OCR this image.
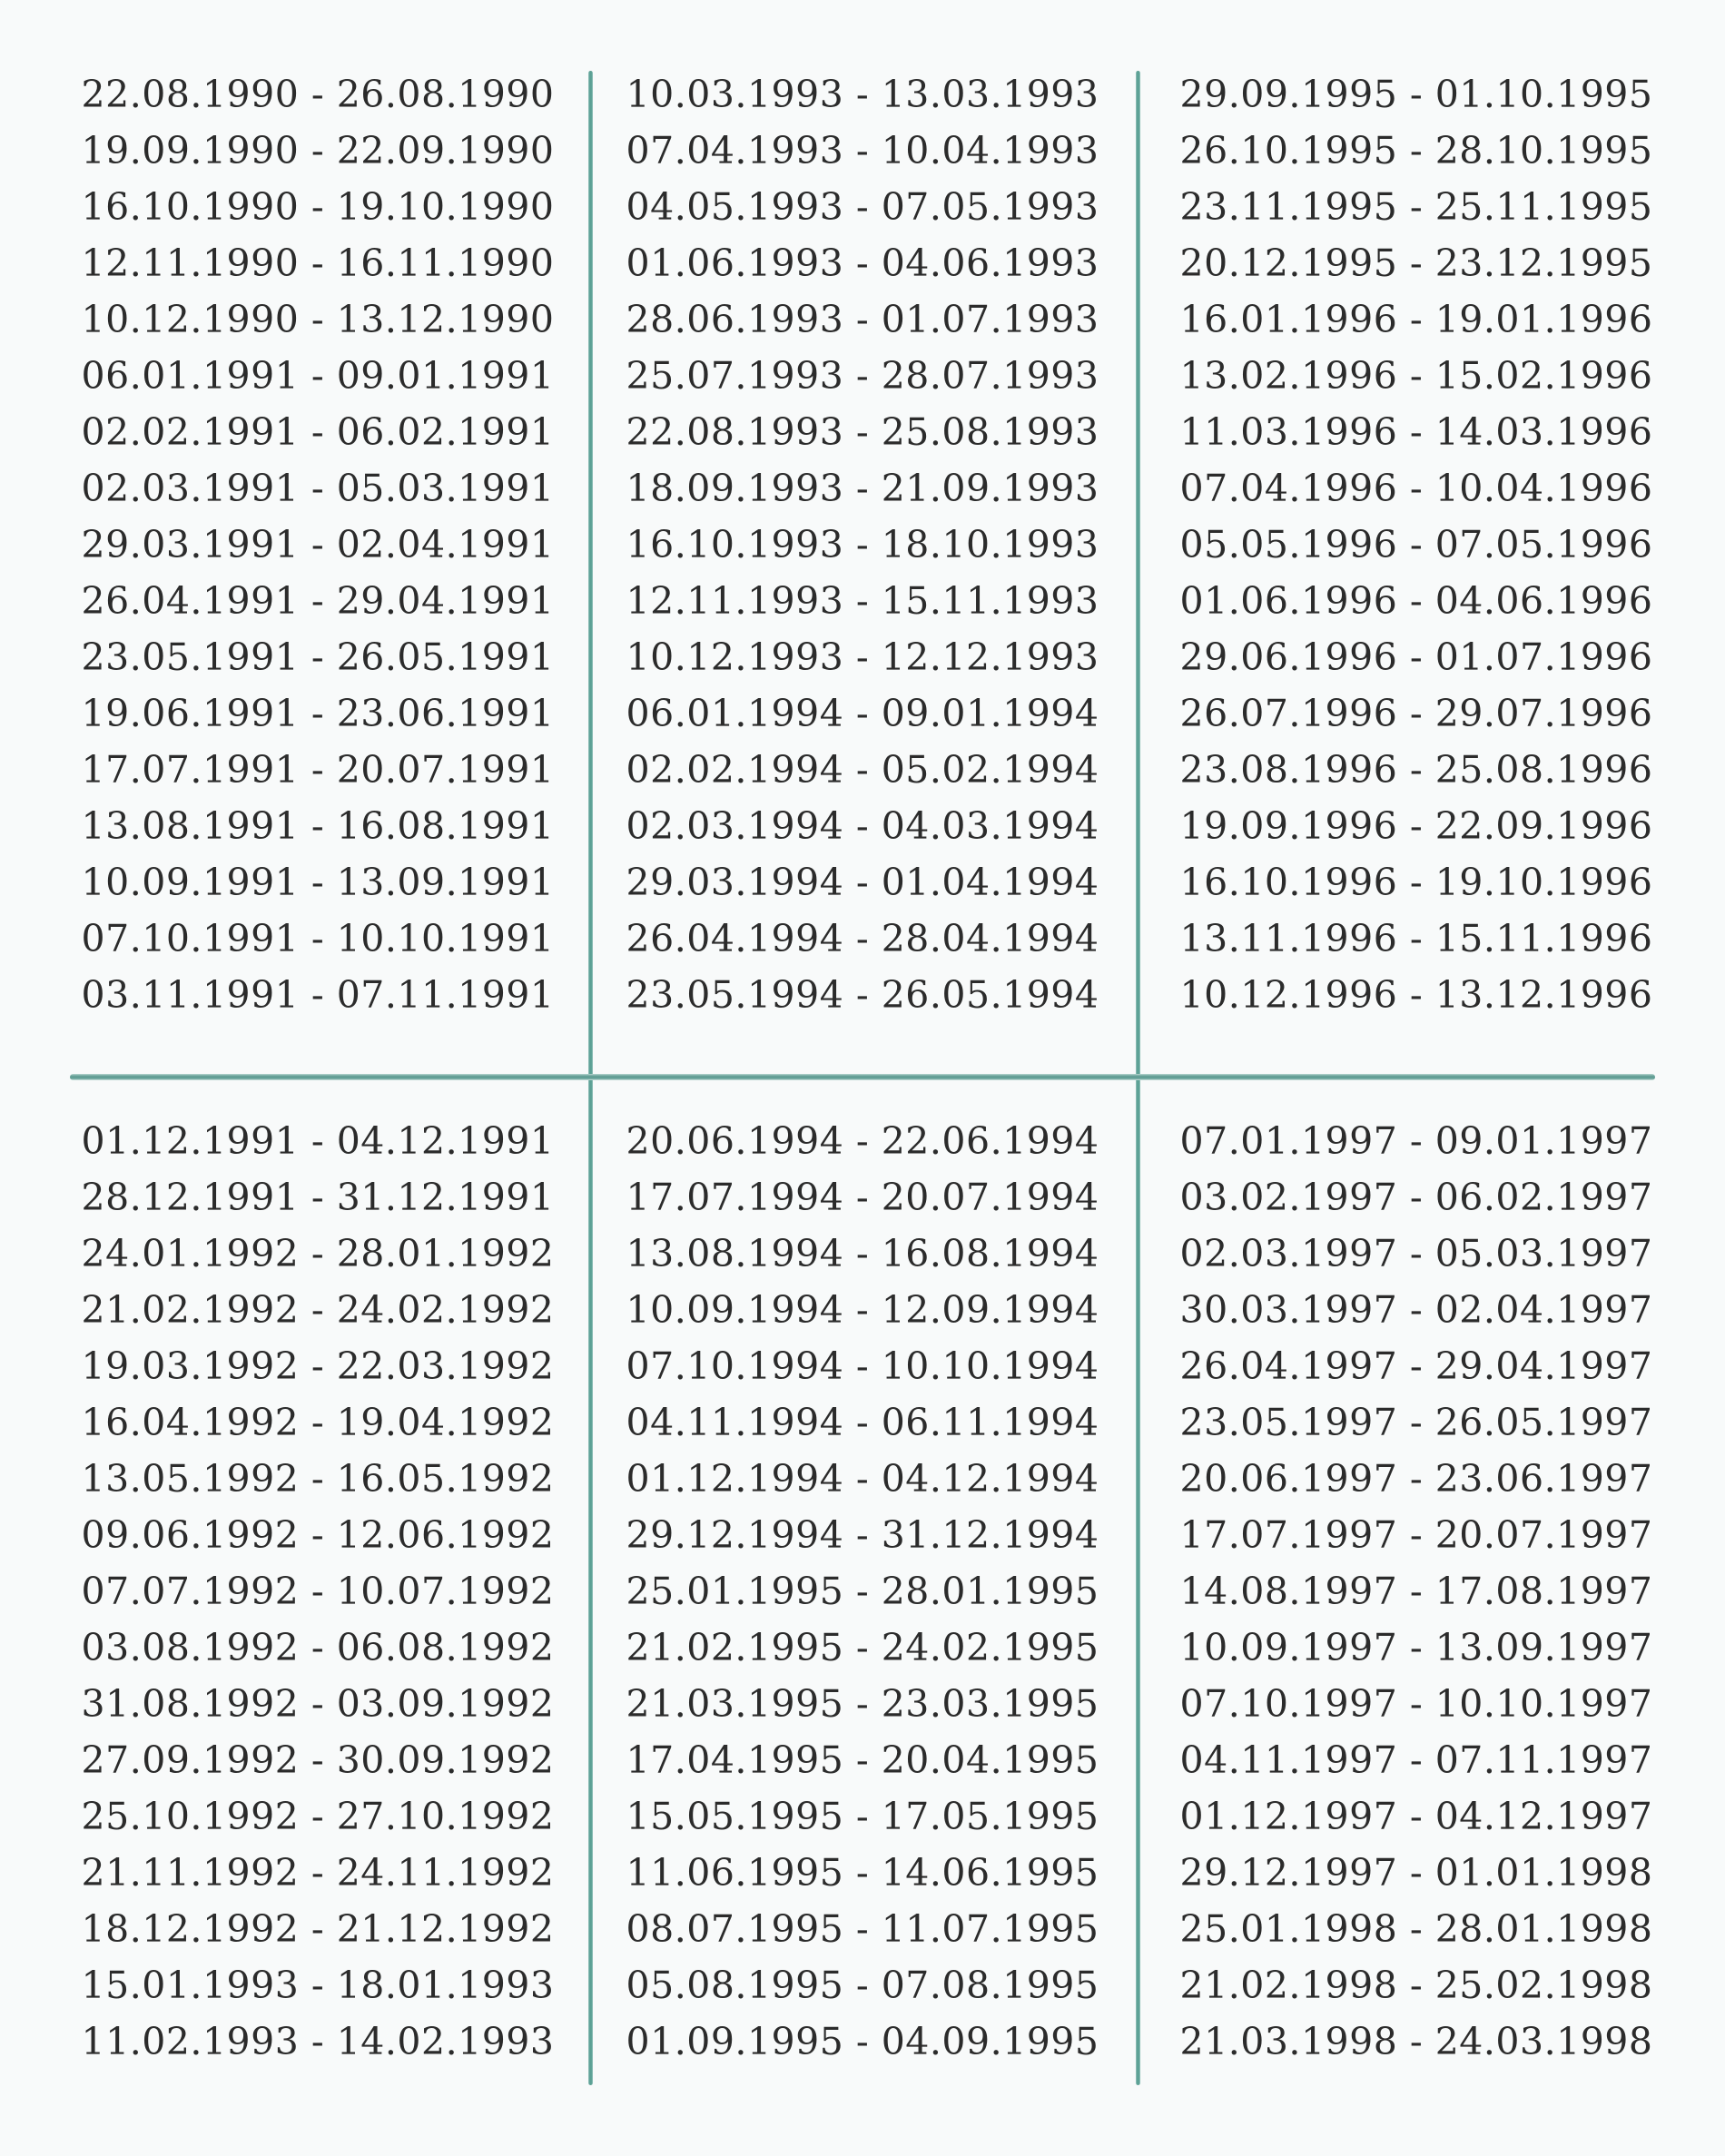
22.08.1990 - 26.08.1990
19.09.1990 - 22.09.1990
16.10.1990 - 19.10.1990
12.11.1990 - 16.11.1990
10.12.1990 - 13.12.1990
06.01.1991 - 09.01.1991
02.02.1991 - 06.02.1991
02.03.1991 - 05.03.1991
29.03.1991 - 02.04.1991
26.04.1991 - 29.04.1991
23.05.1991 - 26.05.1991
19.06.1991 - 23.06.1991
17.07.1991 - 20.07.1991
13.08.1991 - 16.08.1991
10.09.1991 - 13.09.1991
07.10.1991 - 10.10.1991
03.11.1991 - 07.11.1991
10.03.1993 - 13.03.1993
07.04.1993 - 10.04.1993
04.05.1993 - 07.05.1993
01.06.1993 - 04.06.1993
28.06.1993 - 01.07.1993
25.07.1993 - 28.07.1993
22.08.1993 - 25.08.1993
18.09.1993 - 21.09.1993
16.10.1993 - 18.10.1993
12.11.1993 - 15.11.1993
10.12.1993 - 12.12.1993
06.01.1994 - 09.01.1994
02.02.1994 - 05.02.1994
02.03.1994 - 04.03.1994
29.03.1994 - 01.04.1994
26.04.1994 - 28.04.1994
23.05.1994 - 26.05.1994
29.09.1995 - 01.10.1995
26.10.1995 - 28.10.1995
23.11.1995 - 25.11.1995
20.12.1995 - 23.12.1995
16.01.1996 - 19.01.1996
13.02.1996 - 15.02.1996
11.03.1996 - 14.03.1996
07.04.1996 - 10.04.1996
05.05.1996 - 07.05.1996
01.06.1996 - 04.06.1996
29.06.1996 - 01.07.1996
26.07.1996 - 29.07.1996
23.08.1996 - 25.08.1996
19.09.1996 - 22.09.1996
16.10.1996 - 19.10.1996
13.11.1996 - 15.11.1996
10.12.1996 - 13.12.1996
01.12.1991 - 04.12.1991
28.12.1991 - 31.12.1991
24.01.1992 - 28.01.1992
21.02.1992 - 24.02.1992
19.03.1992 - 22.03.1992
16.04.1992 - 19.04.1992
13.05.1992 - 16.05.1992
09.06.1992 - 12.06.1992
07.07.1992 - 10.07.1992
03.08.1992 - 06.08.1992
31.08.1992 - 03.09.1992
27.09.1992 - 30.09.1992
25.10.1992 - 27.10.1992
21.11.1992 - 24.11.1992
18.12.1992 - 21.12.1992
15.01.1993 - 18.01.1993
11.02.1993 - 14.02.1993
20.06.1994 - 22.06.1994
17.07.1994 - 20.07.1994
13.08.1994 - 16.08.1994
10.09.1994 - 12.09.1994
07.10.1994 - 10.10.1994
04.11.1994 - 06.11.1994
01.12.1994 - 04.12.1994
29.12.1994 - 31.12.1994
25.01.1995 - 28.01.1995
21.02.1995 - 24.02.1995
21.03.1995 - 23.03.1995
17.04.1995 - 20.04.1995
15.05.1995 - 17.05.1995
11.06.1995 - 14.06.1995
08.07.1995 - 11.07.1995
05.08.1995 - 07.08.1995
01.09.1995 - 04.09.1995
07.01.1997 - 09.01.1997
03.02.1997 - 06.02.1997
02.03.1997 - 05.03.1997
30.03.1997 - 02.04.1997
26.04.1997 - 29.04.1997
23.05.1997 - 26.05.1997
20.06.1997 - 23.06.1997
17.07.1997 - 20.07.1997
14.08.1997 - 17.08.1997
10.09.1997 - 13.09.1997
07.10.1997 - 10.10.1997
04.11.1997 - 07.11.1997
01.12.1997 - 04.12.1997
29.12.1997 - 01.01.1998
25.01.1998 - 28.01.1998
21.02.1998 - 25.02.1998
21.03.1998 - 24.03.1998
